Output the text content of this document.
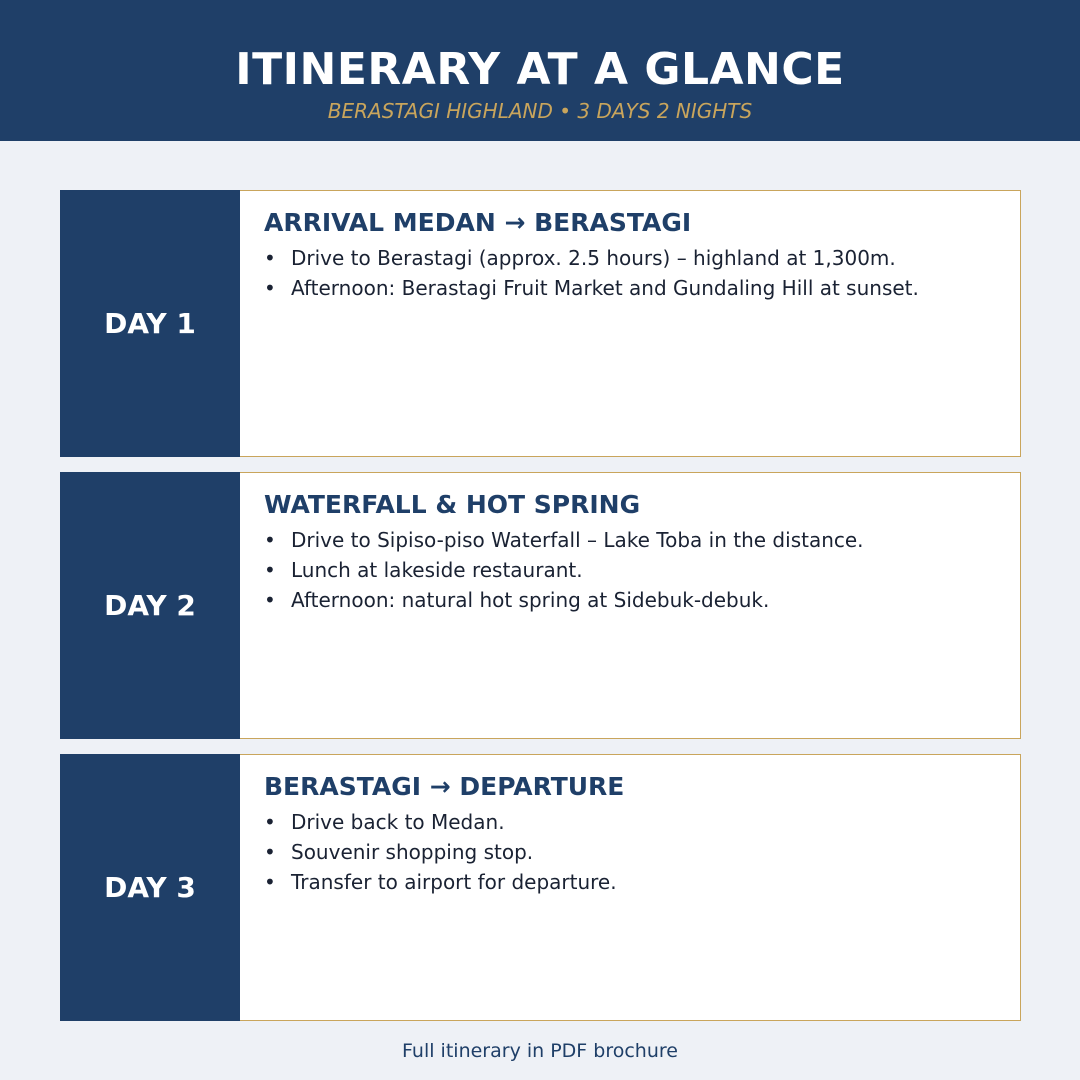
ITINERARY AT A GLANCE
BERASTAGI HIGHLAND • 3 DAYS 2 NIGHTS
DAY 1
ARRIVAL MEDAN → BERASTAGI
• Drive to Berastagi (approx. 2.5 hours) – highland at 1,300m.
• Afternoon: Berastagi Fruit Market and Gundaling Hill at sunset.
DAY 2
WATERFALL & HOT SPRING
• Drive to Sipiso-piso Waterfall – Lake Toba in the distance.
• Lunch at lakeside restaurant.
• Afternoon: natural hot spring at Sidebuk-debuk.
DAY 3
BERASTAGI → DEPARTURE
• Drive back to Medan.
• Souvenir shopping stop.
• Transfer to airport for departure.
Full itinerary in PDF brochure
